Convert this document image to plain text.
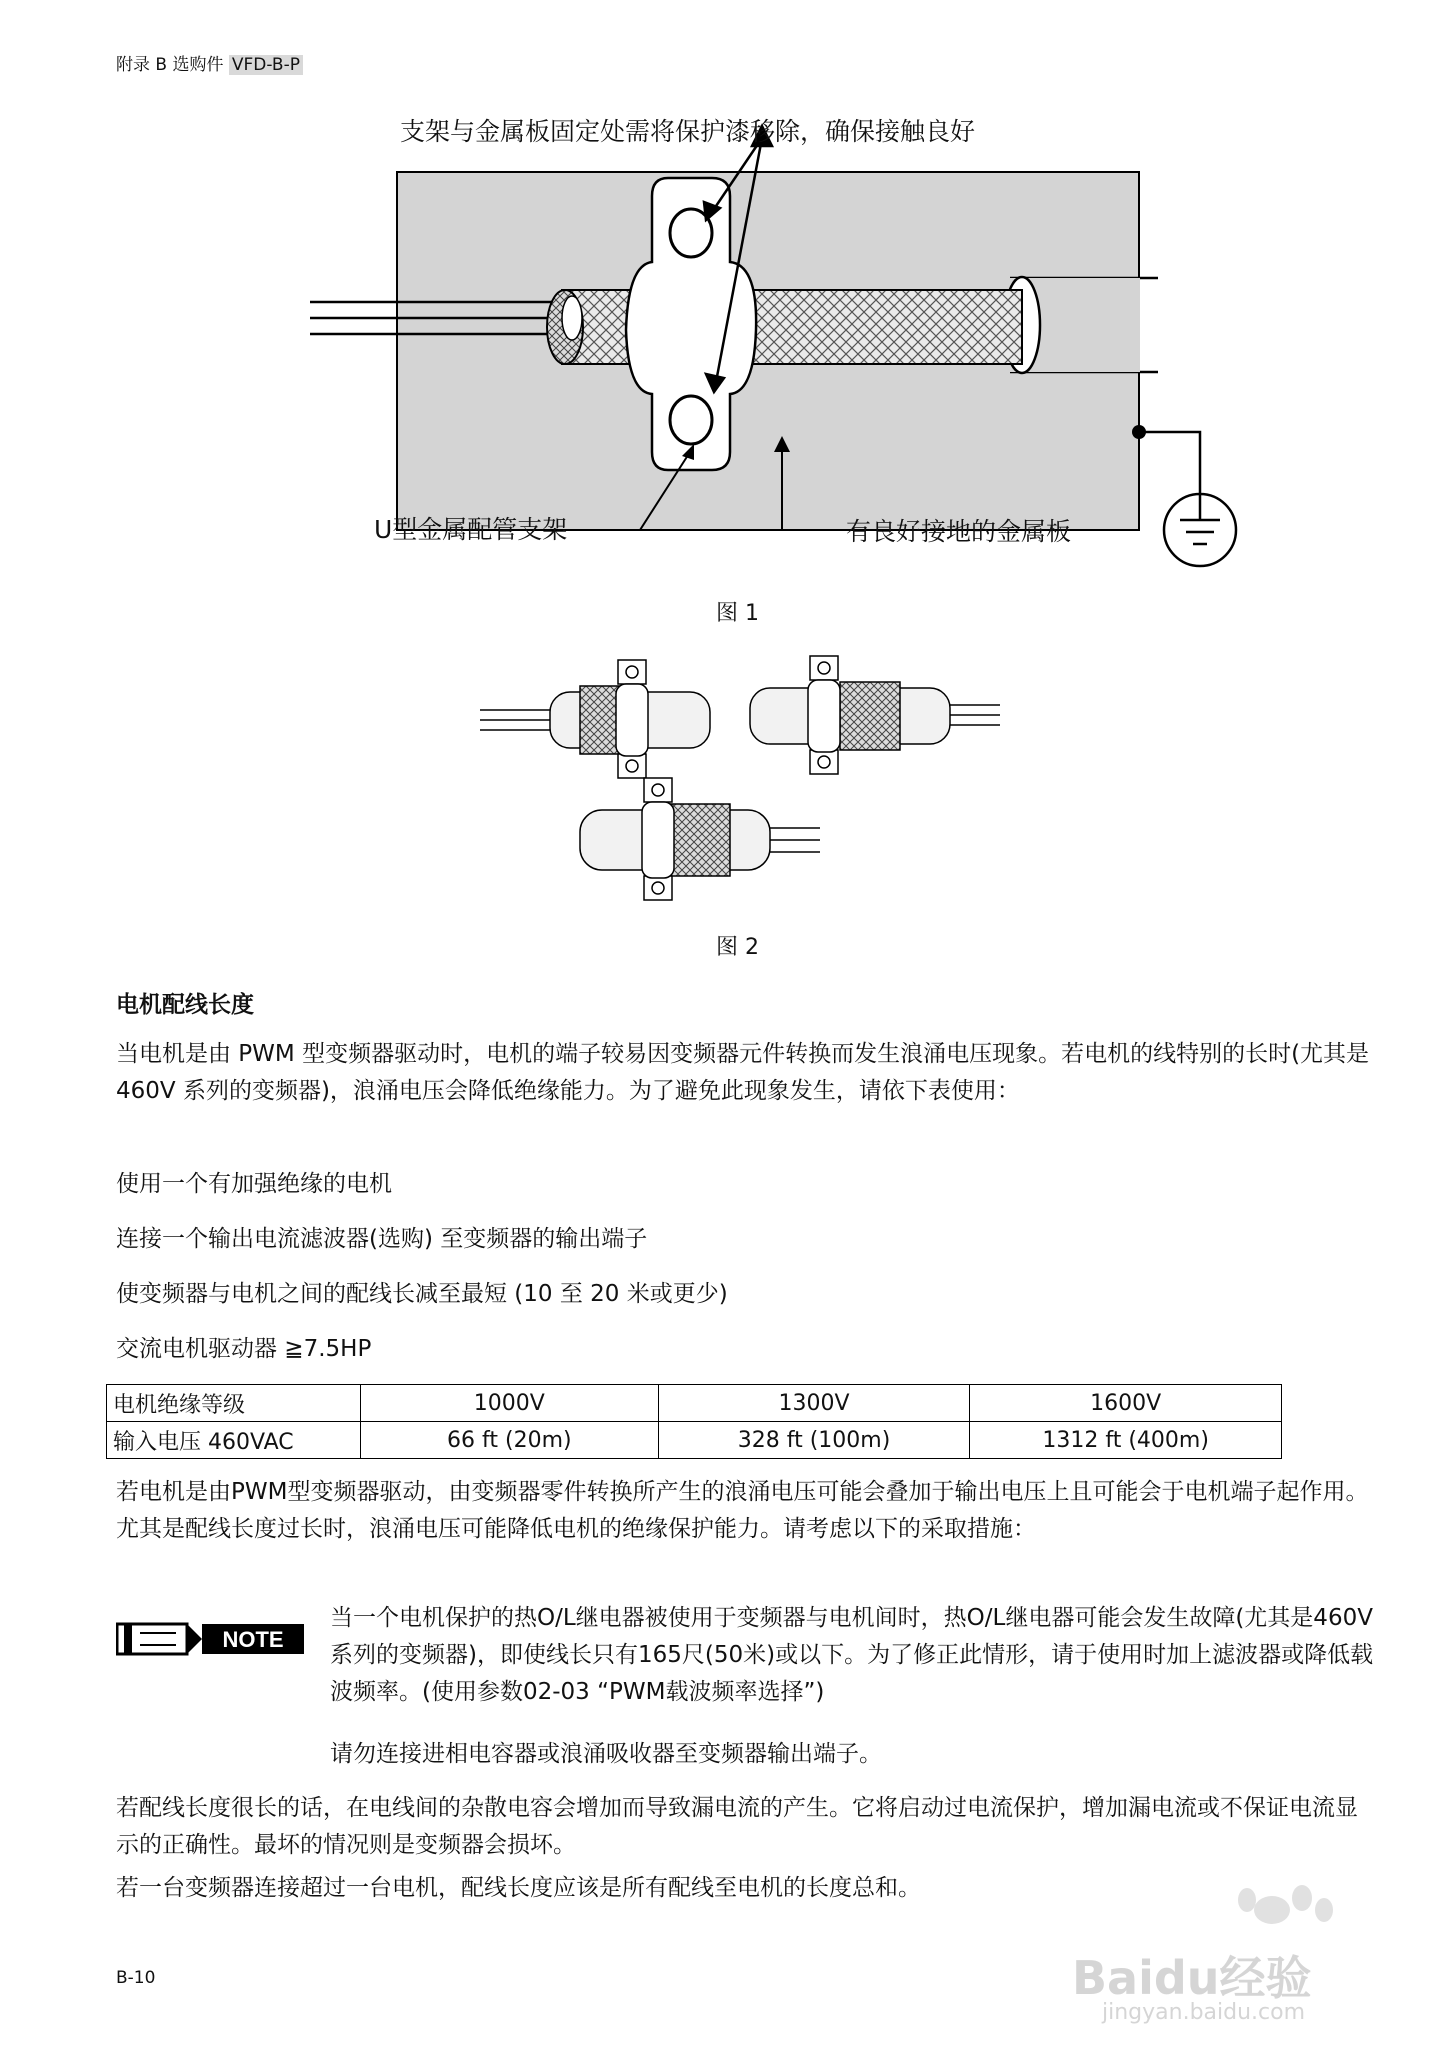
附录 B 选购件 VFD-B-P
支架与金属板固定处需将保护漆移除，确保接触良好
U型金属配管支架	有良好接地的金属板
图 1
图 2
电机配线长度

当电机是由 PWM 型变频器驱动时，电机的端子较易因变频器元件转换而发生浪涌电压现象。若电机的线特别的长时(尤其是 460V 系列的变频器)，浪涌电压会降低绝缘能力。为了避免此现象发生，请依下表使用：

使用一个有加强绝缘的电机

连接一个输出电流滤波器(选购) 至变频器的输出端子

使变频器与电机之间的配线长减至最短 (10 至 20 米或更少)

交流电机驱动器 ≧7.5HP

电机绝缘等级	1000V	1300V	1600V
输入电压 460VAC	66 ft (20m)	328 ft (100m)	1312 ft (400m)

若电机是由PWM型变频器驱动，由变频器零件转换所产生的浪涌电压可能会叠加于输出电压上且可能会于电机端子起作用。尤其是配线长度过长时，浪涌电压可能降低电机的绝缘保护能力。请考虑以下的采取措施：

NOTE
当一个电机保护的热O/L继电器被使用于变频器与电机间时，热O/L继电器可能会发生故障(尤其是460V系列的变频器)，即使线长只有165尺(50米)或以下。为了修正此情形，请于使用时加上滤波器或降低载波频率。(使用参数02-03 “PWM载波频率选择”)
请勿连接进相电容器或浪涌吸收器至变频器输出端子。

若配线长度很长的话，在电线间的杂散电容会增加而导致漏电流的产生。它将启动过电流保护，增加漏电流或不保证电流显示的正确性。最坏的情况则是变频器会损坏。

若一台变频器连接超过一台电机，配线长度应该是所有配线至电机的长度总和。

B-10	Baidu经验
jingyan.baidu.com
